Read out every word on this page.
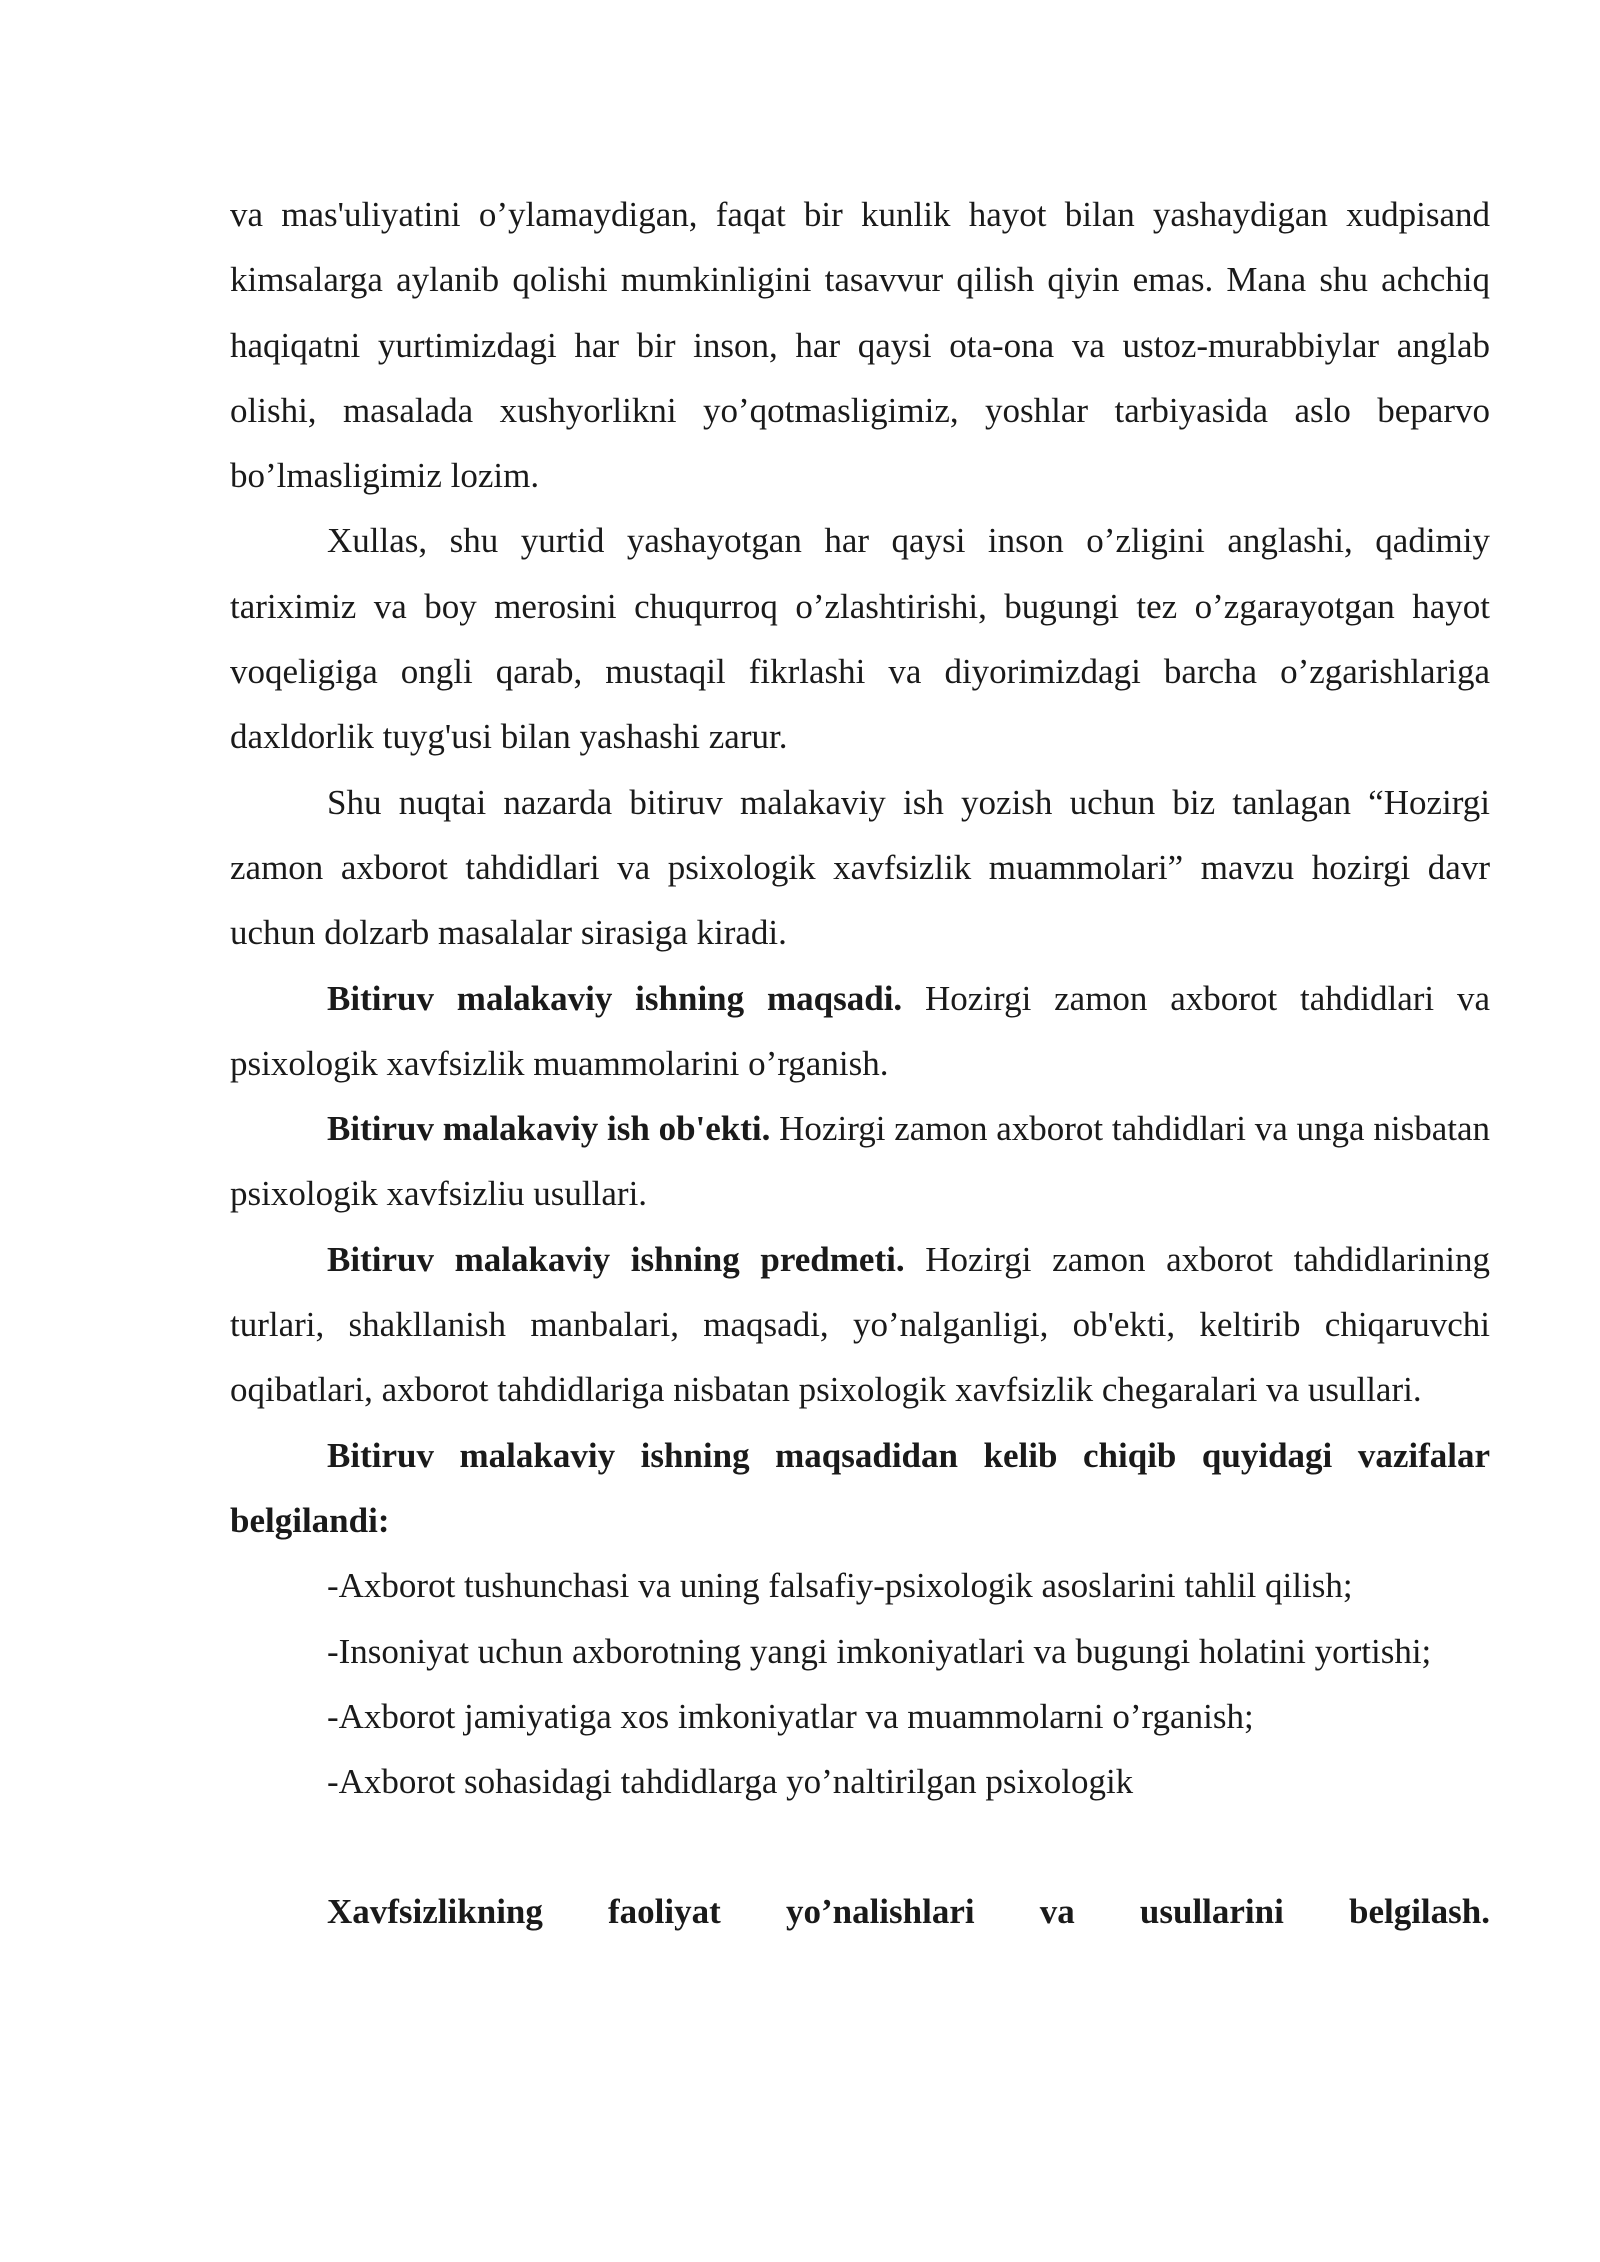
va mas'uliyatini o’ylamaydigan, faqat bir kunlik hayot bilan yashaydigan xudpisand kimsalarga aylanib qolishi mumkinligini tasavvur qilish qiyin emas. Mana shu achchiq haqiqatni yurtimizdagi har bir inson, har qaysi ota-ona va ustoz-murabbiylar anglab olishi, masalada xushyorlikni yo’qotmasligimiz, yoshlar tarbiyasida aslo beparvo bo’lmasligimiz lozim.

Xullas, shu yurtid yashayotgan har qaysi inson o’zligini anglashi, qadimiy tariximiz va boy merosini chuqurroq o’zlashtirishi, bugungi tez o’zgarayotgan hayot voqeligiga ongli qarab, mustaqil fikrlashi va diyorimizdagi barcha o’zgarishlariga daxldorlik tuyg'usi bilan yashashi zarur.

Shu nuqtai nazarda bitiruv malakaviy ish yozish uchun biz tanlagan “Hozirgi zamon axborot tahdidlari va psixologik xavfsizlik muammolari” mavzu hozirgi davr uchun dolzarb masalalar sirasiga kiradi.

Bitiruv malakaviy ishning maqsadi. Hozirgi zamon axborot tahdidlari va psixologik xavfsizlik muammolarini o’rganish.

Bitiruv malakaviy ish ob'ekti. Hozirgi zamon axborot tahdidlari va unga nisbatan psixologik xavfsizliu usullari.

Bitiruv malakaviy ishning predmeti. Hozirgi zamon axborot tahdidlarining turlari, shakllanish manbalari, maqsadi, yo’nalganligi, ob'ekti, keltirib chiqaruvchi oqibatlari, axborot tahdidlariga nisbatan psixologik xavfsizlik chegaralari va usullari.

Bitiruv malakaviy ishning maqsadidan kelib chiqib quyidagi vazifalar belgilandi:

-Axborot tushunchasi va uning falsafiy-psixologik asoslarini tahlil qilish;

-Insoniyat uchun axborotning yangi imkoniyatlari va bugungi holatini yortishi;

-Axborot jamiyatiga xos imkoniyatlar va muammolarni o’rganish;

-Axborot sohasidagi tahdidlarga yo’naltirilgan psixologik

Xavfsizlikning faoliyat yo’nalishlari va usullarini belgilash.
